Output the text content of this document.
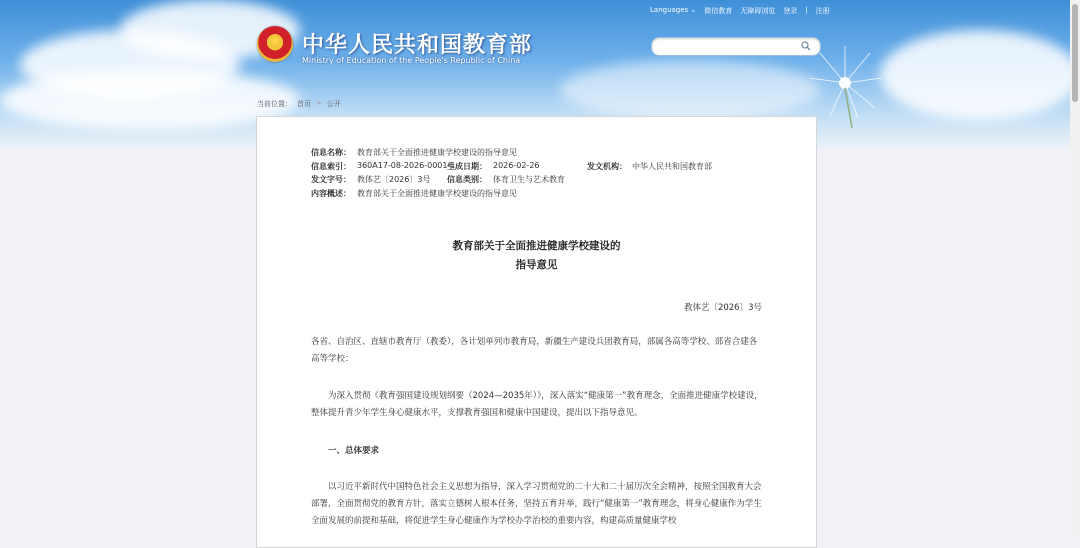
Languages ⌄ 微信教育 无障碍浏览 登录 | 注册
★
中华人民共和国教育部
Ministry of Education of the People's Republic of China
当前位置： 首页 > 公开
信息名称： 教育部关于全面推进健康学校建设的指导意见
信息索引： 360A17-08-2026-0001-1
生成日期： 2026-02-26	发文机构： 中华人民共和国教育部
发文字号： 教体艺〔2026〕3号 信息类别： 体育卫生与艺术教育
内容概述： 教育部关于全面推进健康学校建设的指导意见
教育部关于全面推进健康学校建设的
指导意见
教体艺〔2026〕3号
各省、自治区、直辖市教育厅（教委），各计划单列市教育局，新疆生产建设兵团教育局，部属各高等学校、部省合建各高等学校：
为深入贯彻《教育强国建设规划纲要（2024—2035年）》，深入落实“健康第一”教育理念，全面推进健康学校建设，整体提升青少年学生身心健康水平，支撑教育强国和健康中国建设，提出以下指导意见。
一、总体要求
以习近平新时代中国特色社会主义思想为指导，深入学习贯彻党的二十大和二十届历次全会精神，按照全国教育大会部署，全面贯彻党的教育方针，落实立德树人根本任务，坚持五育并举，践行“健康第一”教育理念，将身心健康作为学生全面发展的前提和基础，将促进学生身心健康作为学校办学治校的重要内容，构建高质量健康学校
